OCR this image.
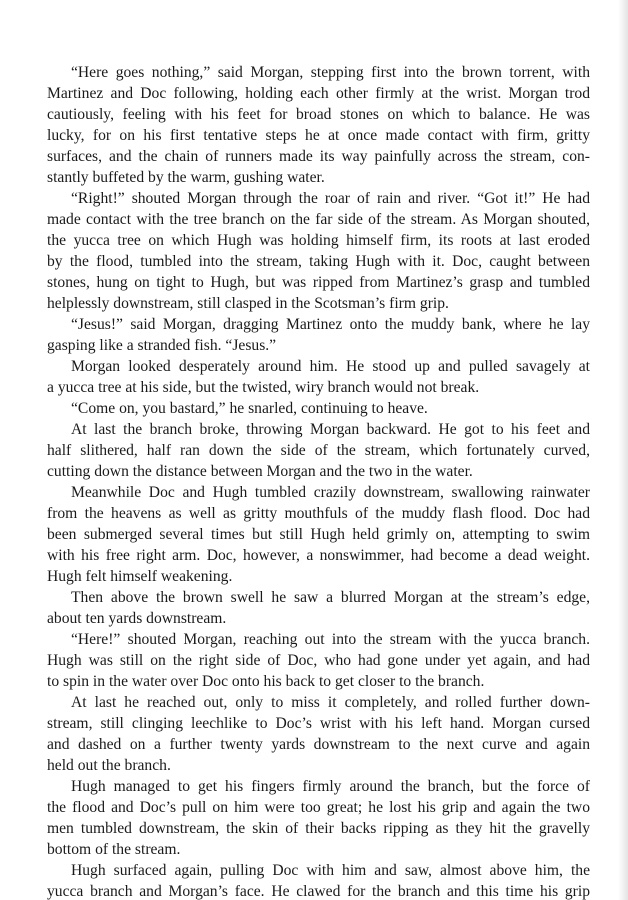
“Here goes nothing,” said Morgan, stepping first into the brown torrent, with
Martinez and Doc following, holding each other firmly at the wrist. Morgan trod
cautiously, feeling with his feet for broad stones on which to balance. He was
lucky, for on his first tentative steps he at once made contact with firm, gritty
surfaces, and the chain of runners made its way painfully across the stream, con-
stantly buffeted by the warm, gushing water.

“Right!” shouted Morgan through the roar of rain and river. “Got it!” He had
made contact with the tree branch on the far side of the stream. As Morgan shouted,
the yucca tree on which Hugh was holding himself firm, its roots at last eroded
by the flood, tumbled into the stream, taking Hugh with it. Doc, caught between
stones, hung on tight to Hugh, but was ripped from Martinez’s grasp and tumbled
helplessly downstream, still clasped in the Scotsman’s firm grip.

“Jesus!” said Morgan, dragging Martinez onto the muddy bank, where he lay
gasping like a stranded fish. “Jesus.”

Morgan looked desperately around him. He stood up and pulled savagely at
a yucca tree at his side, but the twisted, wiry branch would not break.

“Come on, you bastard,” he snarled, continuing to heave.

At last the branch broke, throwing Morgan backward. He got to his feet and
half slithered, half ran down the side of the stream, which fortunately curved,
cutting down the distance between Morgan and the two in the water.

Meanwhile Doc and Hugh tumbled crazily downstream, swallowing rainwater
from the heavens as well as gritty mouthfuls of the muddy flash flood. Doc had
been submerged several times but still Hugh held grimly on, attempting to swim
with his free right arm. Doc, however, a nonswimmer, had become a dead weight.
Hugh felt himself weakening.

Then above the brown swell he saw a blurred Morgan at the stream’s edge,
about ten yards downstream.

“Here!” shouted Morgan, reaching out into the stream with the yucca branch.
Hugh was still on the right side of Doc, who had gone under yet again, and had
to spin in the water over Doc onto his back to get closer to the branch.

At last he reached out, only to miss it completely, and rolled further down-
stream, still clinging leechlike to Doc’s wrist with his left hand. Morgan cursed
and dashed on a further twenty yards downstream to the next curve and again
held out the branch.

Hugh managed to get his fingers firmly around the branch, but the force of
the flood and Doc’s pull on him were too great; he lost his grip and again the two
men tumbled downstream, the skin of their backs ripping as they hit the gravelly
bottom of the stream.

Hugh surfaced again, pulling Doc with him and saw, almost above him, the
yucca branch and Morgan’s face. He clawed for the branch and this time his grip
